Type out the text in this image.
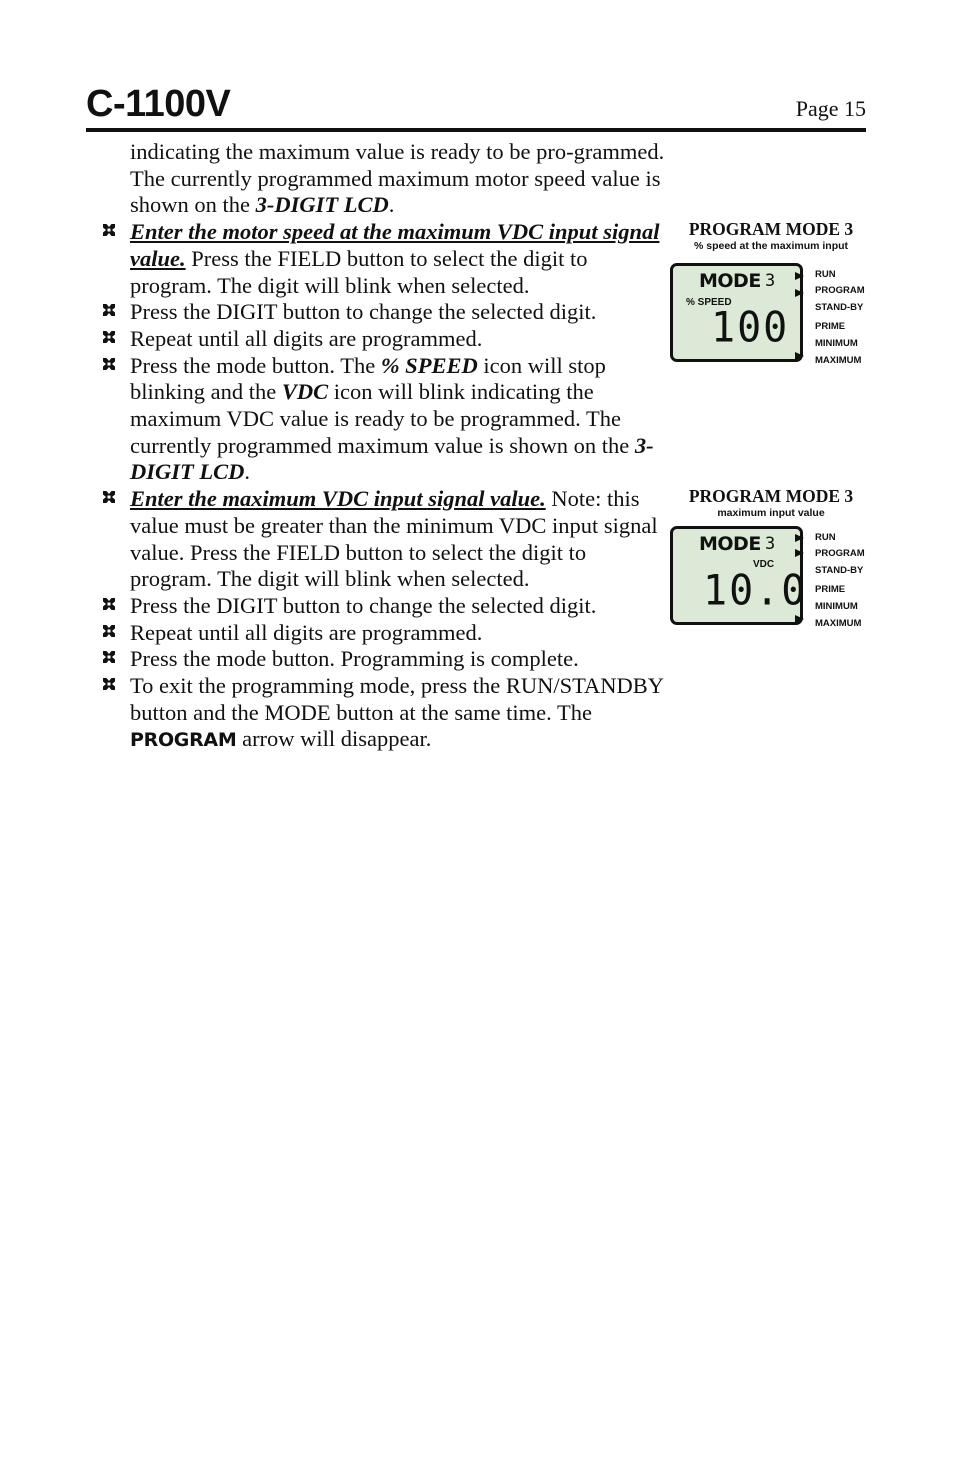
C-1100V	Page 15

indicating the maximum value is ready to be pro-grammed. The currently programmed maximum motor speed value is shown on the 3-DIGIT LCD.

Enter the motor speed at the maximum VDC input signal value. Press the FIELD button to select the digit to program. The digit will blink when selected.

Press the DIGIT button to change the selected digit.

Repeat until all digits are programmed.

Press the mode button. The % SPEED icon will stop blinking and the VDC icon will blink indicating the maximum VDC value is ready to be programmed. The currently programmed maximum value is shown on the 3-DIGIT LCD.

Enter the maximum VDC input signal value. Note: this value must be greater than the minimum VDC input signal value. Press the FIELD button to select the digit to program. The digit will blink when selected.

Press the DIGIT button to change the selected digit.

Repeat until all digits are programmed.

Press the mode button. Programming is complete.

To exit the programming mode, press the RUN/STANDBY button and the MODE button at the same time. The PROGRAM arrow will disappear.

PROGRAM MODE 3
% speed at the maximum input
MODE 3
% SPEED
100
RUN
PROGRAM
STAND-BY
PRIME
MINIMUM
MAXIMUM
PROGRAM MODE 3
maximum input value
MODE 3
VDC
10.0
RUN
PROGRAM
STAND-BY
PRIME
MINIMUM
MAXIMUM
